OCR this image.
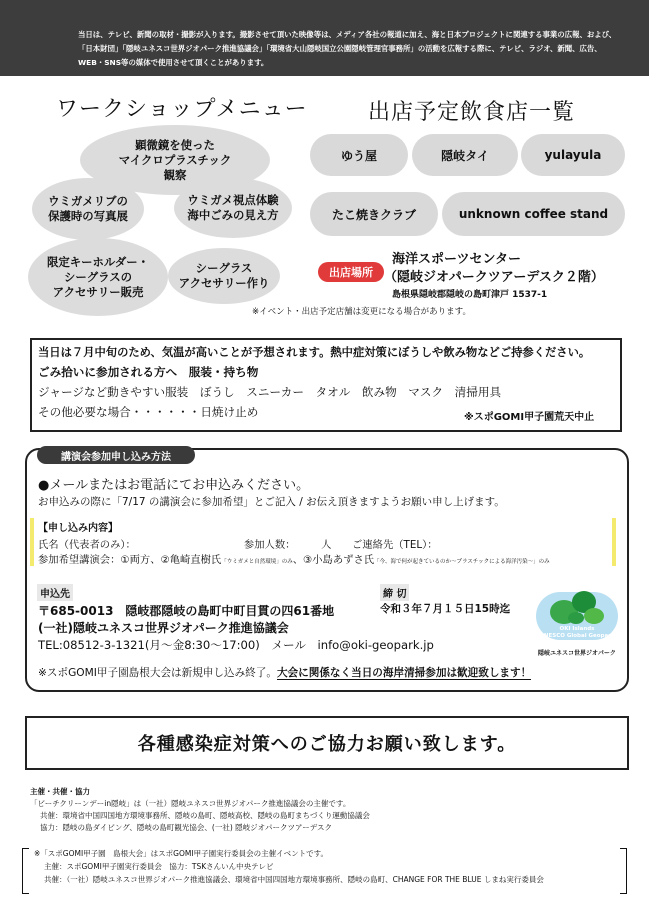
当日は、テレビ、新聞の取材・撮影が入ります。撮影させて頂いた映像等は、メディア各社の報道に加え、海と日本プロジェクトに関連する事業の広報、および、「日本財団」「隠岐ユネスコ世界ジオパーク推進協議会」「環境省大山隠岐国立公園隠岐管理官事務所」の活動を広報する際に、テレビ、ラジオ、新聞、広告、WEB・SNS等の媒体で使用させて頂くことがあります。

ワークショップメニュー
顕微鏡を使った
マイクロプラスチック
観察
ウミガメリブの
保護時の写真展
ウミガメ視点体験
海中ごみの見え方
限定キーホルダー・
シーグラスの
アクセサリー販売
シーグラス
アクセサリー作り
出店予定飲食店一覧
ゆう屋	隠岐タイ	yulayula
たこ焼きクラブ	unknown coffee stand
出店場所
海洋スポーツセンター
（隠岐ジオパークツアーデスク２階）
島根県隠岐郡隠岐の島町津戸 1537-1
※イベント・出店予定店舗は変更になる場合があります。
当日は７月中旬のため、気温が高いことが予想されます。熱中症対策にぼうしや飲み物などご持参ください。
ごみ拾いに参加される方へ　服装・持ち物
ジャージなど動きやすい服装　ぼうし　スニーカー　タオル　飲み物　マスク　清掃用具
その他必要な場合・・・・・・日焼け止め	※スポGOMI甲子園荒天中止
講演会参加申し込み方法
●メールまたはお電話にてお申込みください。
お申込みの際に「7/17 の講演会に参加希望」とご記入 / お伝え頂きますようお願い申し上げます。
【申し込み内容】
氏名（代表者のみ）：　　　　　　　　　　　参加人数：　　　人　　ご連絡先（TEL）：
参加希望講演会：①両方、②亀崎直樹氏「ウミガメと自然環境」のみ、③小島あずさ氏「今、海で何が起きているのか～プラスチックによる海洋汚染～」のみ
申込先
〒685-0013　隠岐郡隠岐の島町中町目貫の四61番地
(一社)隠岐ユネスコ世界ジオパーク推進協議会
TEL:08512-3-1321(月～金8:30～17:00)　メール　info@oki-geopark.jp
締 切
令和３年７月１５日15時迄
OKI Islands
UNESCO Global Geopark
隠岐ユネスコ世界ジオパーク
※スポGOMI甲子園島根大会は新規申し込み終了。大会に関係なく当日の海岸清掃参加は歓迎致します！
各種感染症対策へのご協力お願い致します。
主催・共催・協力
「ビーチクリーンデーin隠岐」は（一社）隠岐ユネスコ世界ジオパーク推進協議会の主催です。
共催：環境省中国四国地方環境事務所、隠岐の島町、隠岐高校、隠岐の島町まちづくり運動協議会
協力：隠岐の島ダイビング、隠岐の島町観光協会、(一社) 隠岐ジオパークツアーデスク
※「スポGOMI甲子園　島根大会」はスポGOMI甲子園実行委員会の主催イベントです。
主催：スポGOMI甲子園実行委員会　協力：TSKさんいん中央テレビ
共催：（一社）隠岐ユネスコ世界ジオパーク推進協議会、環境省中国四国地方環境事務所、隠岐の島町、CHANGE FOR THE BLUE しまね実行委員会
